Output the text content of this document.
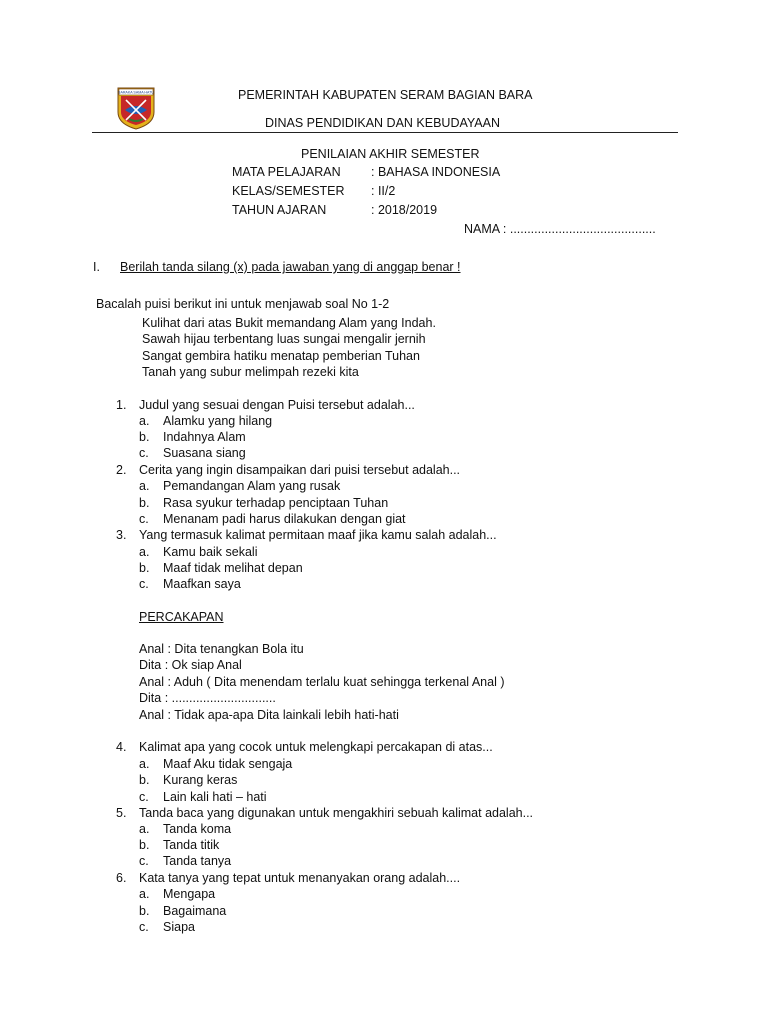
SARAKA SAMA HATU	PEMERINTAH KABUPATEN SERAM BAGIAN BARA
DINAS PENDIDIKAN DAN KEBUDAYAAN
PENILAIAN AKHIR SEMESTER
MATA PELAJARAN : BAHASA INDONESIA
KELAS/SEMESTER : II/2
TAHUN AJARAN	: 2018/2019
NAMA : ..........................................
I. Berilah tanda silang (x) pada jawaban yang di anggap benar !
Bacalah puisi berikut ini untuk menjawab soal No 1-2
Kulihat dari atas Bukit memandang Alam yang Indah.
Sawah hijau terbentang luas sungai mengalir jernih
Sangat gembira hatiku menatap pemberian Tuhan
Tanah yang subur melimpah rezeki kita
1. Judul yang sesuai dengan Puisi tersebut adalah...
a. Alamku yang hilang
b. Indahnya Alam
c. Suasana siang
2. Cerita yang ingin disampaikan dari puisi tersebut adalah...
a. Pemandangan Alam yang rusak
b. Rasa syukur terhadap penciptaan Tuhan
c. Menanam padi harus dilakukan dengan giat
3. Yang termasuk kalimat permitaan maaf jika kamu salah adalah...
a. Kamu baik sekali
b. Maaf tidak melihat depan
c. Maafkan saya
PERCAKAPAN
Anal : Dita tenangkan Bola itu
Dita : Ok siap Anal
Anal : Aduh ( Dita menendam terlalu kuat sehingga terkenal Anal )
Dita : ..............................
Anal : Tidak apa-apa Dita lainkali lebih hati-hati
4. Kalimat apa yang cocok untuk melengkapi percakapan di atas...
a. Maaf Aku tidak sengaja
b. Kurang keras
c. Lain kali hati – hati
5. Tanda baca yang digunakan untuk mengakhiri sebuah kalimat adalah...
a. Tanda koma
b. Tanda titik
c. Tanda tanya
6. Kata tanya yang tepat untuk menanyakan orang adalah....
a. Mengapa
b. Bagaimana
c. Siapa
